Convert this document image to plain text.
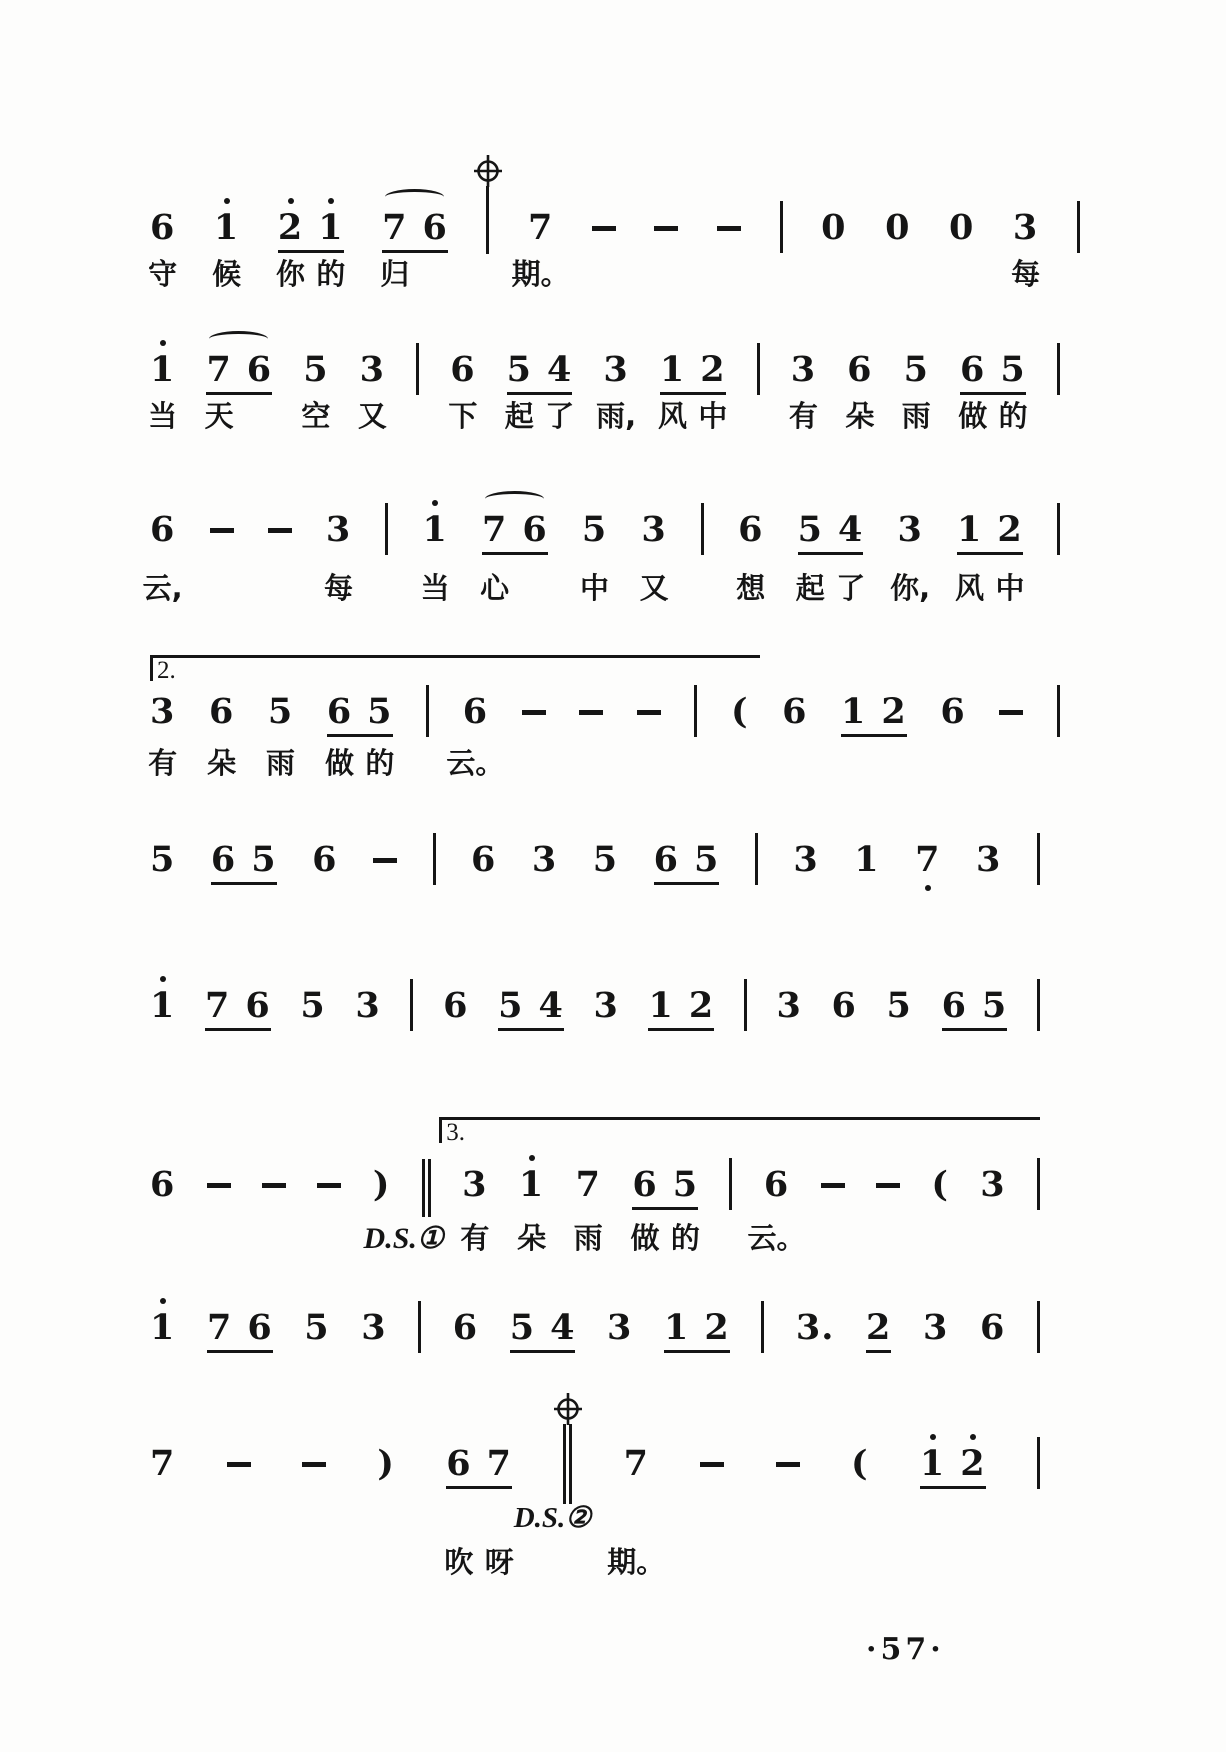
6
守
1
候
2
你
1
的
7
归
6 7
期。
0 0 0 3
每
1
当
7
天
6 5
空
3
又
6
下
5
起
4
了
3
雨,
1
风
2
中
3
有
6
朵
5
雨
6
做
5
的
6
云,
3
每
1
当
7
心
6 5
中
3
又
6
想
5
起
4
了
3
你,
1
风
2
中
2.
3
有
6
朵
5
雨
6
做
5
的
6
云。
( 6 1 2 6
5 6 5 6	6 3 5 6 5 3 1 7 3
1 7 6 5 3 6 5 4 3 1 2 3 6 5 6 5
3.
6	)
D.S.①
3
有
1
朵
7
雨
6
做
5
的
6
云。
( 3
1 7 6 5 3 6 5 4 3 1 2 3. 2 3 6
7	) 6
吹
7
呀
D.S.②
7
期。
( 1 2
·57·
